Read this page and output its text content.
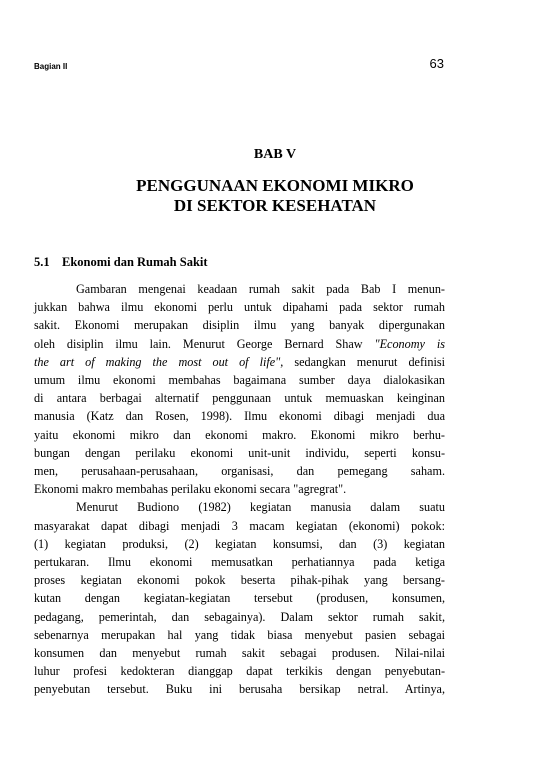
Bagian II	63
BAB V
PENGGUNAAN EKONOMI MIKRO
DI SEKTOR KESEHATAN
5.1 Ekonomi dan Rumah Sakit
Gambaran mengenai keadaan rumah sakit pada Bab I menun-
jukkan bahwa ilmu ekonomi perlu untuk dipahami pada sektor rumah
sakit. Ekonomi merupakan disiplin ilmu yang banyak dipergunakan
oleh disiplin ilmu lain. Menurut George Bernard Shaw "Economy is
the art of making the most out of life", sedangkan menurut definisi
umum ilmu ekonomi membahas bagaimana sumber daya dialokasikan
di antara berbagai alternatif penggunaan untuk memuaskan keinginan
manusia (Katz dan Rosen, 1998). Ilmu ekonomi dibagi menjadi dua
yaitu ekonomi mikro dan ekonomi makro. Ekonomi mikro berhu-
bungan dengan perilaku ekonomi unit-unit individu, seperti konsu-
men, perusahaan-perusahaan, organisasi, dan pemegang saham.
Ekonomi makro membahas perilaku ekonomi secara "agregrat".
Menurut Budiono (1982) kegiatan manusia dalam suatu
masyarakat dapat dibagi menjadi 3 macam kegiatan (ekonomi) pokok:
(1) kegiatan produksi, (2) kegiatan konsumsi, dan (3) kegiatan
pertukaran. Ilmu ekonomi memusatkan perhatiannya pada ketiga
proses kegiatan ekonomi pokok beserta pihak-pihak yang bersang-
kutan dengan kegiatan-kegiatan tersebut (produsen, konsumen,
pedagang, pemerintah, dan sebagainya). Dalam sektor rumah sakit,
sebenarnya merupakan hal yang tidak biasa menyebut pasien sebagai
konsumen dan menyebut rumah sakit sebagai produsen. Nilai-nilai
luhur profesi kedokteran dianggap dapat terkikis dengan penyebutan-
penyebutan tersebut. Buku ini berusaha bersikap netral. Artinya,
